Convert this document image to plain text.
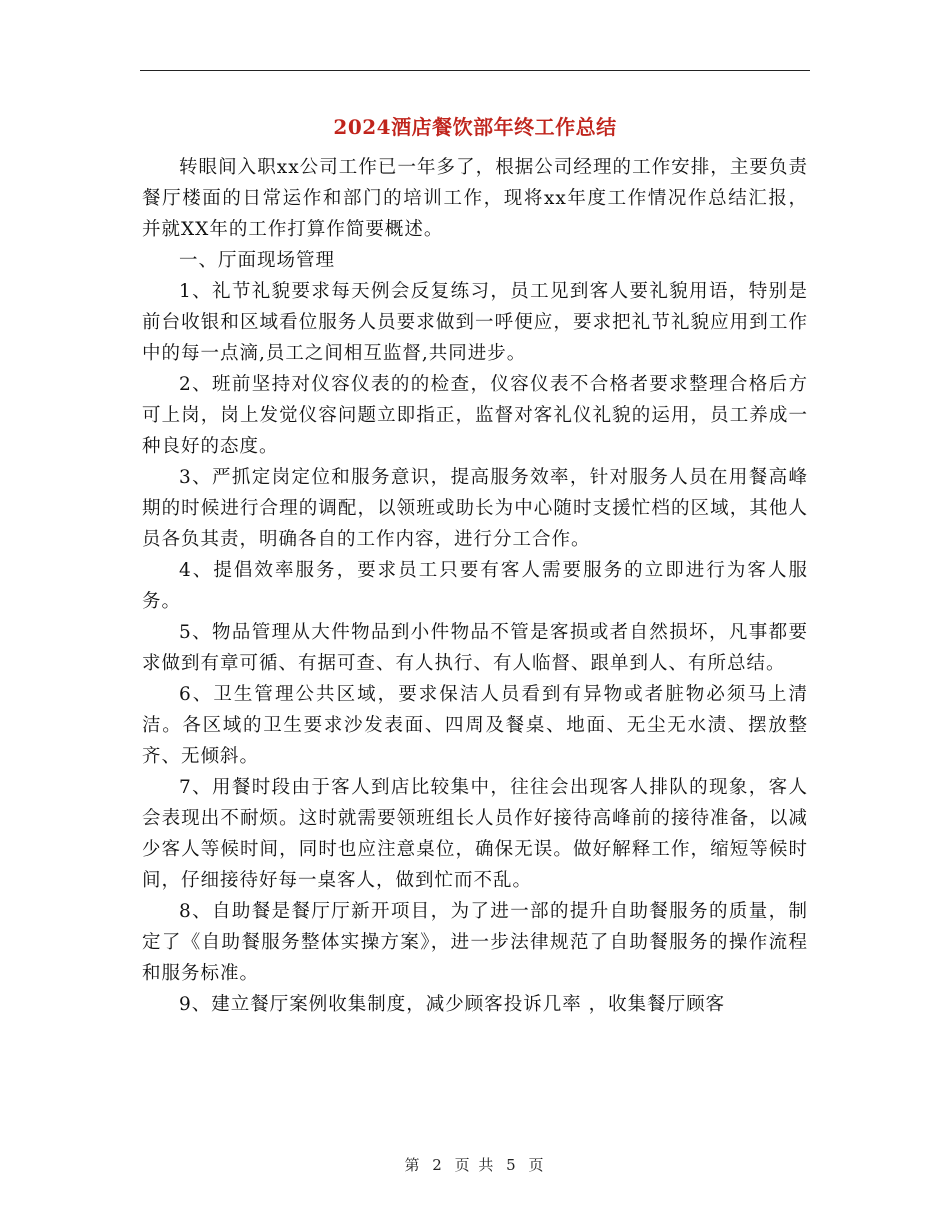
2024酒店餐饮部年终工作总结

转眼间入职xx公司工作已一年多了，根据公司经理的工作安排，主要负责餐厅楼面的日常运作和部门的培训工作，现将xx年度工作情况作总结汇报，并就XX年的工作打算作简要概述。

一、厅面现场管理

1、礼节礼貌要求每天例会反复练习，员工见到客人要礼貌用语，特别是前台收银和区域看位服务人员要求做到一呼便应，要求把礼节礼貌应用到工作中的每一点滴,员工之间相互监督,共同进步。

2、班前坚持对仪容仪表的的检查，仪容仪表不合格者要求整理合格后方可上岗，岗上发觉仪容问题立即指正，监督对客礼仪礼貌的运用，员工养成一种良好的态度。

3、严抓定岗定位和服务意识，提高服务效率，针对服务人员在用餐高峰期的时候进行合理的调配，以领班或助长为中心随时支援忙档的区域，其他人员各负其责，明确各自的工作内容，进行分工合作。

4、提倡效率服务，要求员工只要有客人需要服务的立即进行为客人服务。

5、物品管理从大件物品到小件物品不管是客损或者自然损坏，凡事都要求做到有章可循、有据可查、有人执行、有人临督、跟单到人、有所总结。

6、卫生管理公共区域，要求保洁人员看到有异物或者脏物必须马上清洁。各区域的卫生要求沙发表面、四周及餐桌、地面、无尘无水渍、摆放整齐、无倾斜。

7、用餐时段由于客人到店比较集中，往往会出现客人排队的现象，客人会表现出不耐烦。这时就需要领班组长人员作好接待高峰前的接待准备，以减少客人等候时间，同时也应注意桌位，确保无误。做好解释工作，缩短等候时间，仔细接待好每一桌客人，做到忙而不乱。

8、自助餐是餐厅厅新开项目，为了进一部的提升自助餐服务的质量，制定了《自助餐服务整体实操方案》，进一步法律规范了自助餐服务的操作流程和服务标准。

9、建立餐厅案例收集制度，减少顾客投诉几率 ，收集餐厅顾客

第 2 页 共 5 页
